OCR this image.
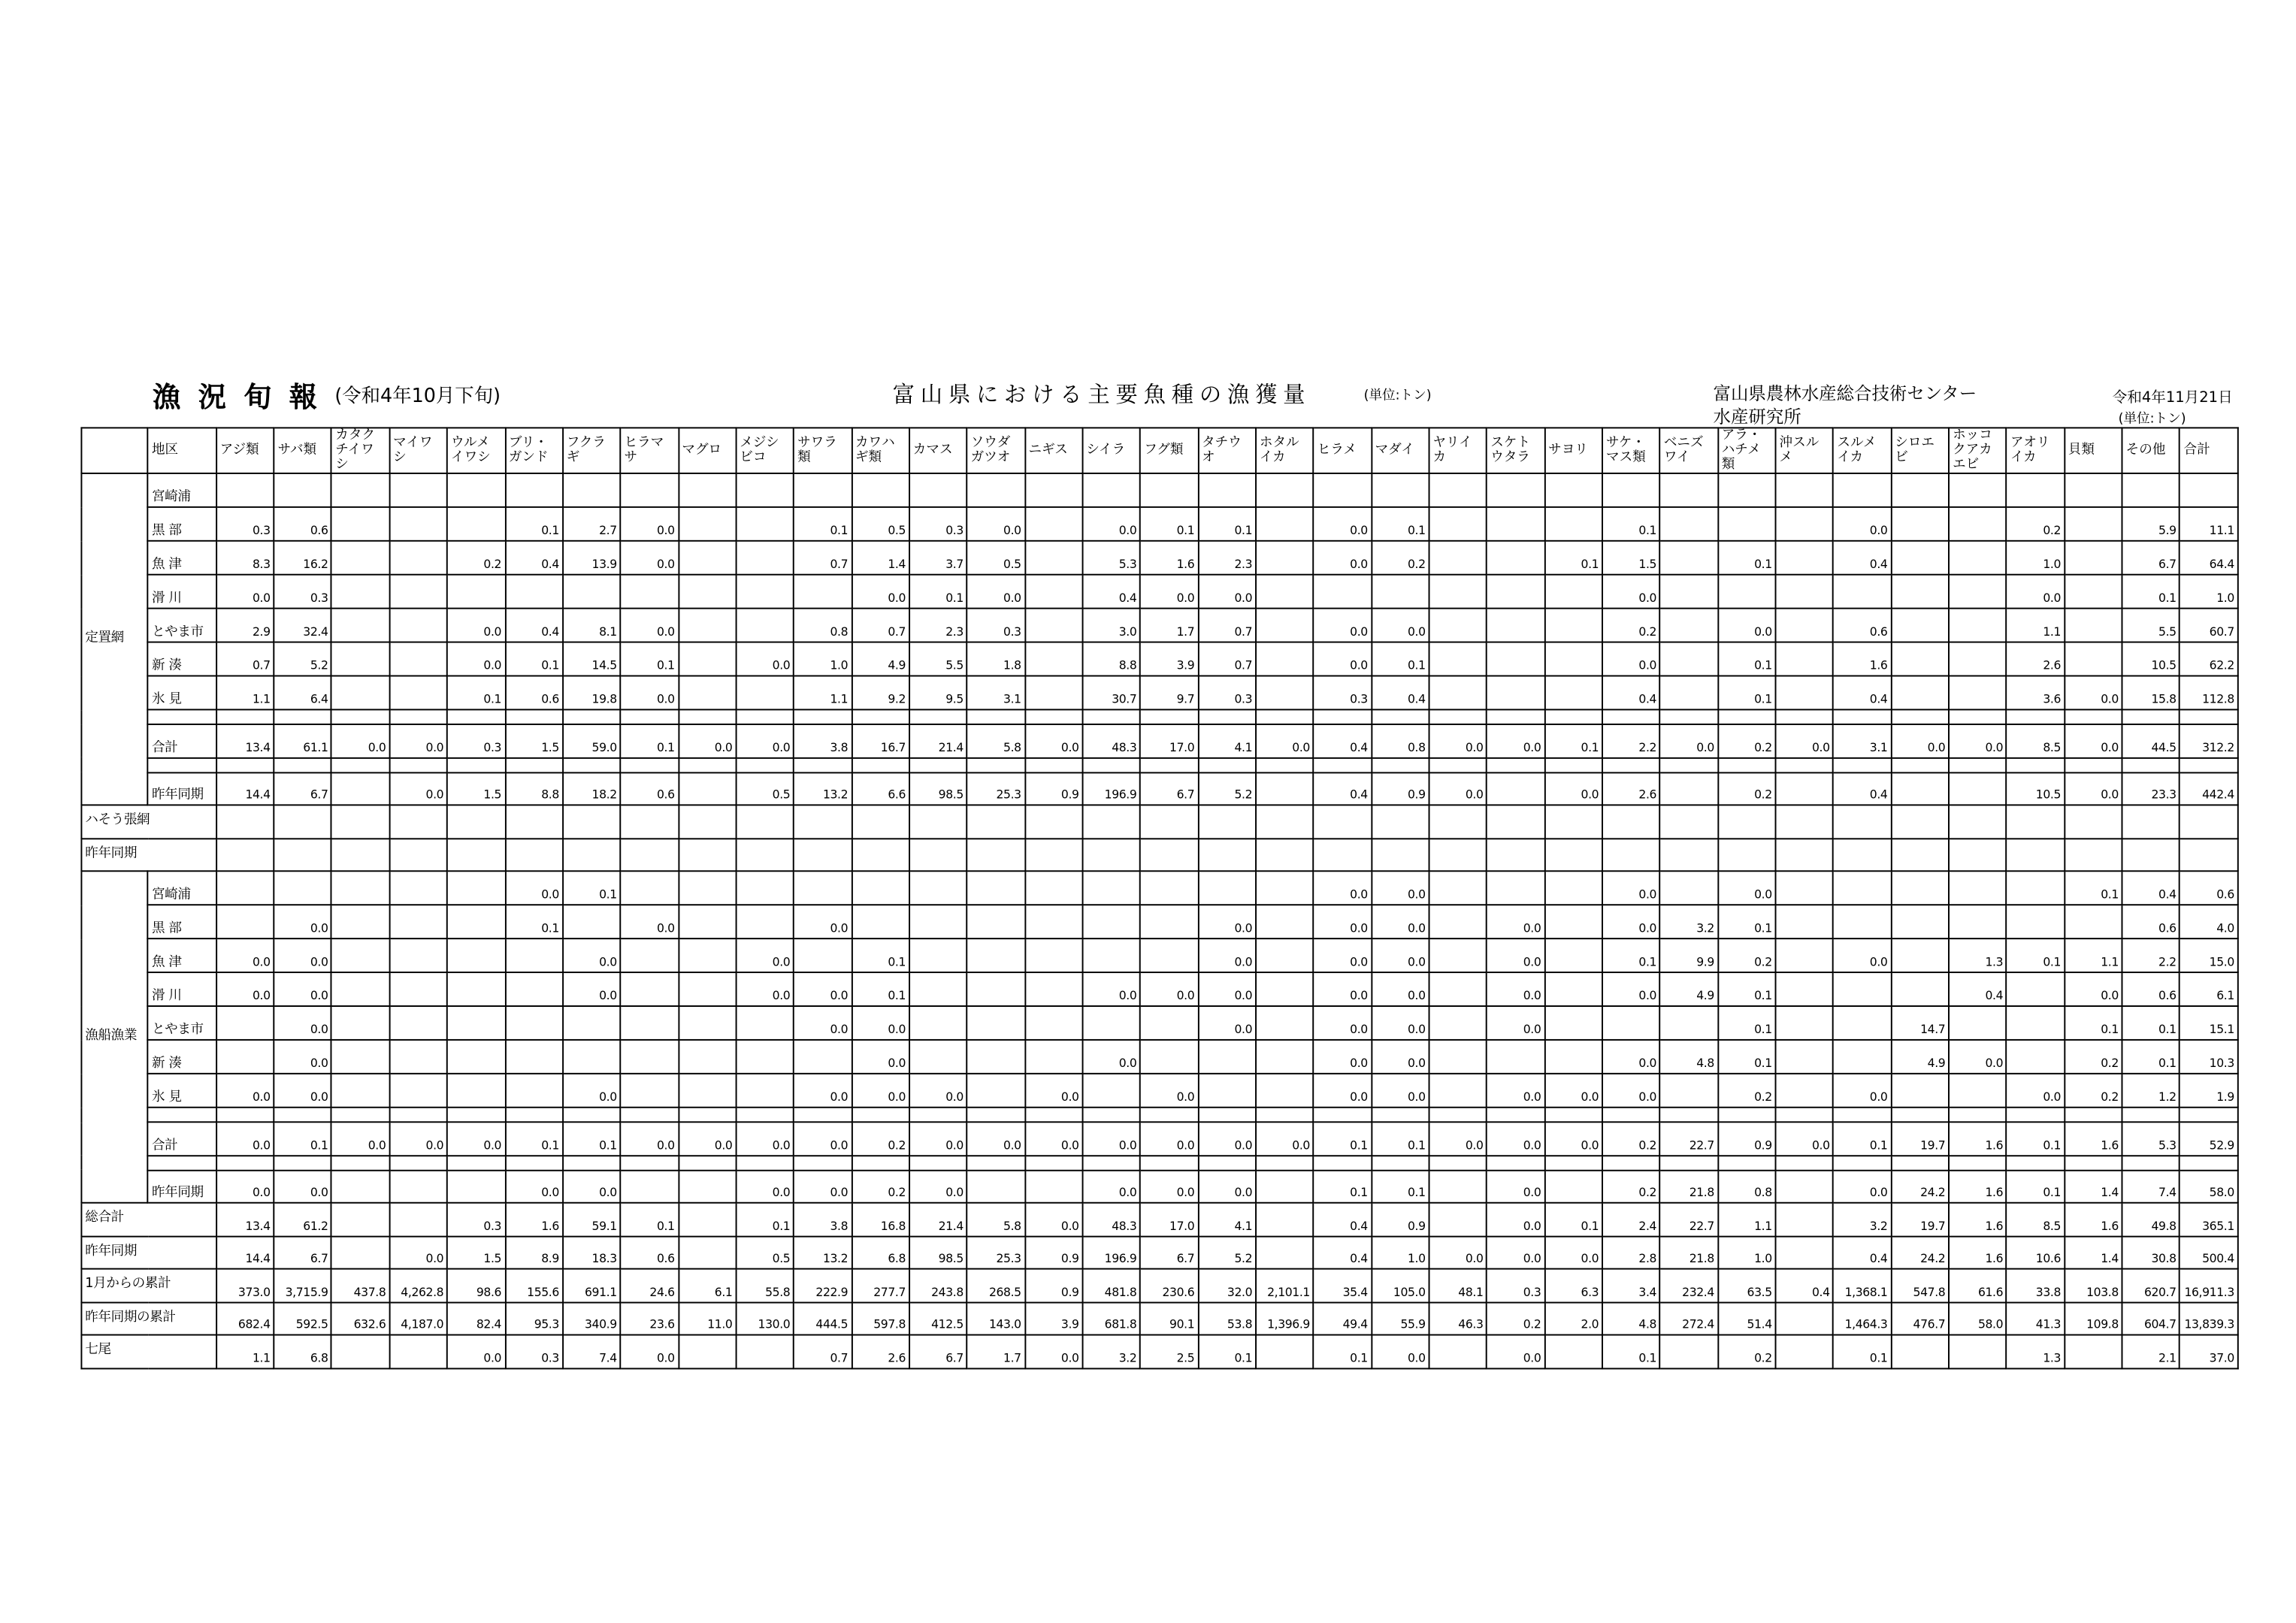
漁況旬報 (令和4年10月下旬)	富山県における主要魚種の漁獲量	(単位:トン)	富山県農林水産総合技術センター
水産研究所
令和4年11月21日
(単位:トン)
	地区	アジ類	サバ類	カタクチイワシ	マイワシ	ウルメイワシ	ブリ・ガンド	フクラギ	ヒラマサ	マグロ	メジシビコ	サワラ類	カワハギ類	カマス	ソウダガツオ	ニギス	シイラ	フグ類	タチウオ	ホタルイカ	ヒラメ	マダイ	ヤリイカ	スケトウタラ	サヨリ	サケ・マス類	ベニズワイ	アラ・ハチメ類	沖スルメ	スルメイカ	シロエビ	ホッコクアカエビ	アオリイカ	貝類	その他	合計
定置網	宮崎浦																																			
	黒 部	0.3	0.6				0.1	2.7	0.0			0.1	0.5	0.3	0.0		0.0	0.1	0.1		0.0	0.1				0.1				0.0			0.2		5.9	11.1
	魚 津	8.3	16.2			0.2	0.4	13.9	0.0			0.7	1.4	3.7	0.5		5.3	1.6	2.3		0.0	0.2			0.1	1.5		0.1		0.4			1.0		6.7	64.4
	滑 川	0.0	0.3										0.0	0.1	0.0		0.4	0.0	0.0							0.0							0.0		0.1	1.0
	とやま市	2.9	32.4			0.0	0.4	8.1	0.0			0.8	0.7	2.3	0.3		3.0	1.7	0.7		0.0	0.0				0.2		0.0		0.6			1.1		5.5	60.7
	新 湊	0.7	5.2			0.0	0.1	14.5	0.1		0.0	1.0	4.9	5.5	1.8		8.8	3.9	0.7		0.0	0.1				0.0		0.1		1.6			2.6		10.5	62.2
	氷 見	1.1	6.4			0.1	0.6	19.8	0.0			1.1	9.2	9.5	3.1		30.7	9.7	0.3		0.3	0.4				0.4		0.1		0.4			3.6	0.0	15.8	112.8

	合計	13.4	61.1	0.0	0.0	0.3	1.5	59.0	0.1	0.0	0.0	3.8	16.7	21.4	5.8	0.0	48.3	17.0	4.1	0.0	0.4	0.8	0.0	0.0	0.1	2.2	0.0	0.2	0.0	3.1	0.0	0.0	8.5	0.0	44.5	312.2

	昨年同期	14.4	6.7		0.0	1.5	8.8	18.2	0.6		0.5	13.2	6.6	98.5	25.3	0.9	196.9	6.7	5.2		0.4	0.9	0.0		0.0	2.6		0.2		0.4			10.5	0.0	23.3	442.4
ハそう張網																																				
昨年同期																																				
漁船漁業	宮崎浦						0.0	0.1													0.0	0.0				0.0		0.0						0.1	0.4	0.6
	黒 部		0.0				0.1		0.0			0.0							0.0		0.0	0.0		0.0		0.0	3.2	0.1							0.6	4.0
	魚 津	0.0	0.0					0.0			0.0		0.1						0.0		0.0	0.0		0.0		0.1	9.9	0.2		0.0		1.3	0.1	1.1	2.2	15.0
	滑 川	0.0	0.0					0.0			0.0	0.0	0.1				0.0	0.0	0.0		0.0	0.0		0.0		0.0	4.9	0.1				0.4		0.0	0.6	6.1
	とやま市		0.0									0.0	0.0						0.0		0.0	0.0		0.0				0.1			14.7			0.1	0.1	15.1
	新 湊		0.0										0.0				0.0				0.0	0.0				0.0	4.8	0.1			4.9	0.0		0.2	0.1	10.3
	氷 見	0.0	0.0					0.0				0.0	0.0	0.0		0.0		0.0			0.0	0.0		0.0	0.0	0.0		0.2		0.0			0.0	0.2	1.2	1.9

	合計	0.0	0.1	0.0	0.0	0.0	0.1	0.1	0.0	0.0	0.0	0.0	0.2	0.0	0.0	0.0	0.0	0.0	0.0	0.0	0.1	0.1	0.0	0.0	0.0	0.2	22.7	0.9	0.0	0.1	19.7	1.6	0.1	1.6	5.3	52.9

	昨年同期	0.0	0.0				0.0	0.0			0.0	0.0	0.2	0.0			0.0	0.0	0.0		0.1	0.1		0.0		0.2	21.8	0.8		0.0	24.2	1.6	0.1	1.4	7.4	58.0
総合計		13.4	61.2			0.3	1.6	59.1	0.1		0.1	3.8	16.8	21.4	5.8	0.0	48.3	17.0	4.1		0.4	0.9		0.0	0.1	2.4	22.7	1.1		3.2	19.7	1.6	8.5	1.6	49.8	365.1
昨年同期		14.4	6.7		0.0	1.5	8.9	18.3	0.6		0.5	13.2	6.8	98.5	25.3	0.9	196.9	6.7	5.2		0.4	1.0	0.0	0.0	0.0	2.8	21.8	1.0		0.4	24.2	1.6	10.6	1.4	30.8	500.4
1月からの累計		373.0	3,715.9	437.8	4,262.8	98.6	155.6	691.1	24.6	6.1	55.8	222.9	277.7	243.8	268.5	0.9	481.8	230.6	32.0	2,101.1	35.4	105.0	48.1	0.3	6.3	3.4	232.4	63.5	0.4	1,368.1	547.8	61.6	33.8	103.8	620.7	16,911.3
昨年同期の累計		682.4	592.5	632.6	4,187.0	82.4	95.3	340.9	23.6	11.0	130.0	444.5	597.8	412.5	143.0	3.9	681.8	90.1	53.8	1,396.9	49.4	55.9	46.3	0.2	2.0	4.8	272.4	51.4		1,464.3	476.7	58.0	41.3	109.8	604.7	13,839.3
七尾		1.1	6.8			0.0	0.3	7.4	0.0			0.7	2.6	6.7	1.7	0.0	3.2	2.5	0.1		0.1	0.0		0.0		0.1		0.2		0.1			1.3		2.1	37.0
